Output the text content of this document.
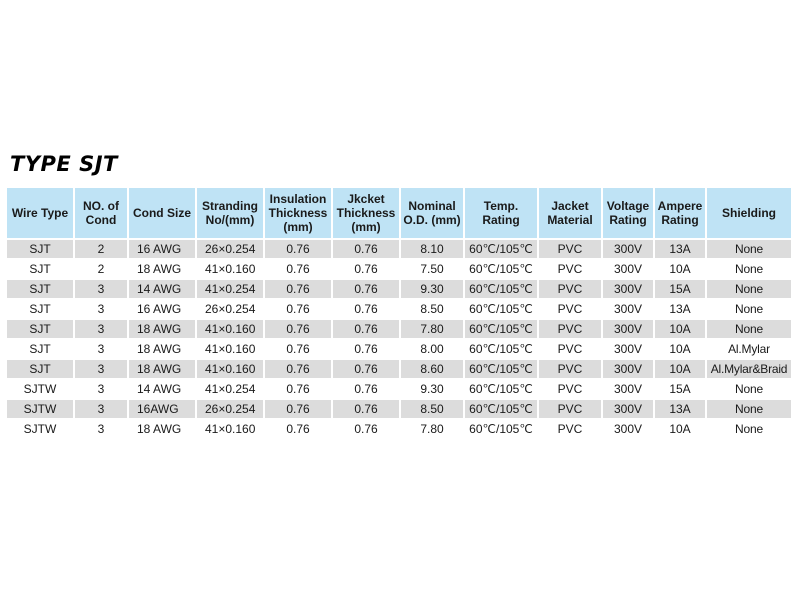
TYPE SJT
Wire Type	NO. of Cond	Cond Size	Stranding No/(mm)	Insulation Thickness (mm)	Jkcket Thickness (mm)	Nominal O.D. (mm)	Temp. Rating	Jacket Material	Voltage Rating	Ampere Rating	Shielding
SJT	2	16 AWG	26×0.254	0.76	0.76	8.10	60℃/105℃	PVC	300V	13A	None
SJT	2	18 AWG	41×0.160	0.76	0.76	7.50	60℃/105℃	PVC	300V	10A	None
SJT	3	14 AWG	41×0.254	0.76	0.76	9.30	60℃/105℃	PVC	300V	15A	None
SJT	3	16 AWG	26×0.254	0.76	0.76	8.50	60℃/105℃	PVC	300V	13A	None
SJT	3	18 AWG	41×0.160	0.76	0.76	7.80	60℃/105℃	PVC	300V	10A	None
SJT	3	18 AWG	41×0.160	0.76	0.76	8.00	60℃/105℃	PVC	300V	10A	Al.Mylar
SJT	3	18 AWG	41×0.160	0.76	0.76	8.60	60℃/105℃	PVC	300V	10A	Al.Mylar&Braid
SJTW	3	14 AWG	41×0.254	0.76	0.76	9.30	60℃/105℃	PVC	300V	15A	None
SJTW	3	16AWG	26×0.254	0.76	0.76	8.50	60℃/105℃	PVC	300V	13A	None
SJTW	3	18 AWG	41×0.160	0.76	0.76	7.80	60℃/105℃	PVC	300V	10A	None
